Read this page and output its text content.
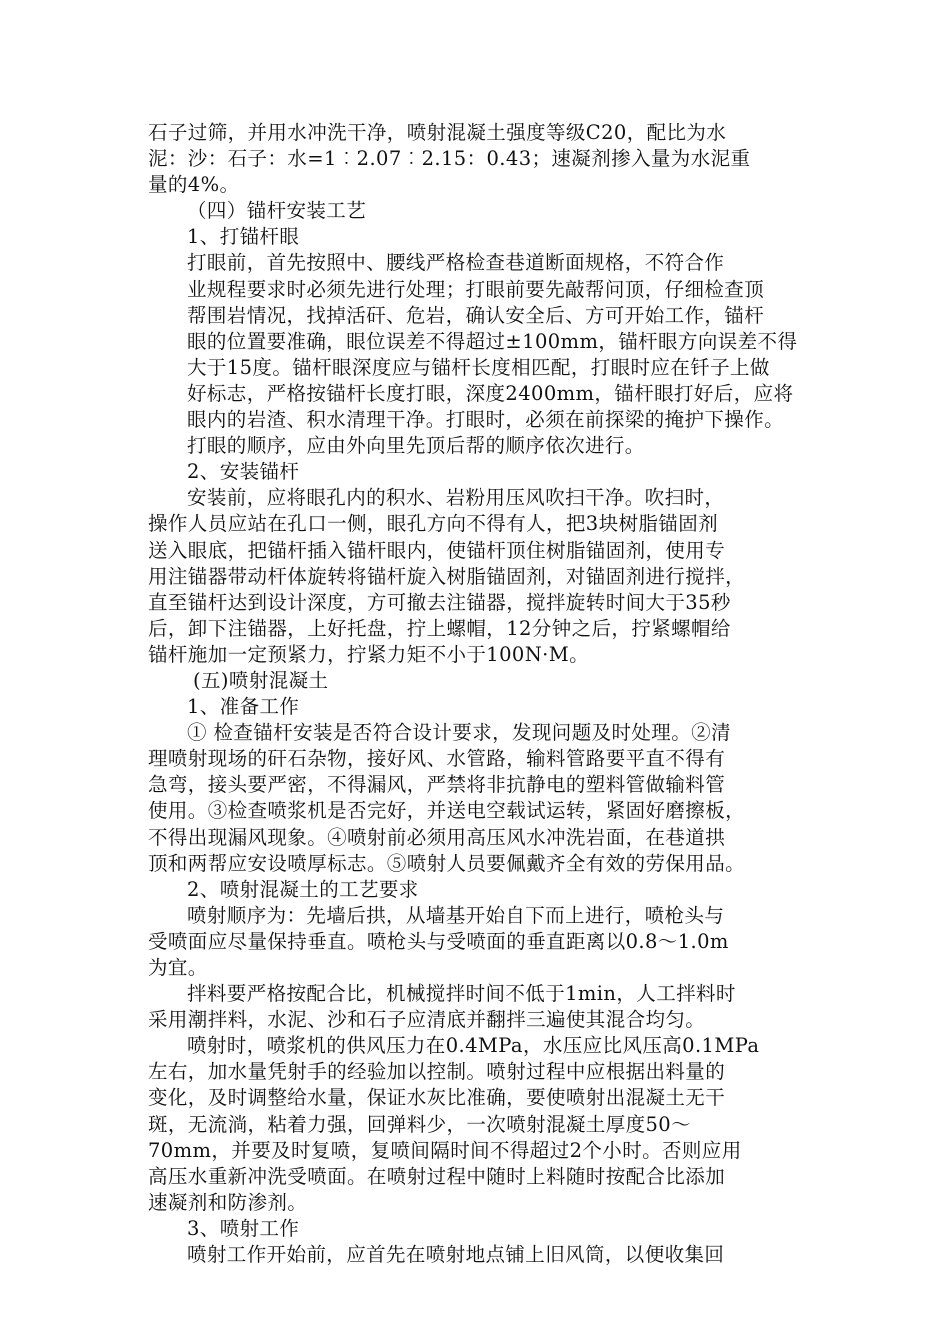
石子过筛，并用水冲洗干净，喷射混凝土强度等级C20，配比为水
泥：沙：石子：水=1︰2.07︰2.15：0.43；速凝剂掺入量为水泥重
量的4%。

（四）锚杆安装工艺

1、打锚杆眼

打眼前，首先按照中、腰线严格检查巷道断面规格，不符合作
业规程要求时必须先进行处理；打眼前要先敲帮问顶，仔细检查顶
帮围岩情况，找掉活矸、危岩，确认安全后、方可开始工作，锚杆
眼的位置要准确，眼位误差不得超过±100mm，锚杆眼方向误差不得
大于15度。锚杆眼深度应与锚杆长度相匹配，打眼时应在钎子上做
好标志，严格按锚杆长度打眼，深度2400mm，锚杆眼打好后，应将
眼内的岩渣、积水清理干净。打眼时，必须在前探梁的掩护下操作。
打眼的顺序，应由外向里先顶后帮的顺序依次进行。

2、安装锚杆

安装前，应将眼孔内的积水、岩粉用压风吹扫干净。吹扫时，
操作人员应站在孔口一侧，眼孔方向不得有人，把3块树脂锚固剂
送入眼底，把锚杆插入锚杆眼内，使锚杆顶住树脂锚固剂，使用专
用注锚器带动杆体旋转将锚杆旋入树脂锚固剂，对锚固剂进行搅拌，
直至锚杆达到设计深度，方可撤去注锚器，搅拌旋转时间大于35秒
后，卸下注锚器，上好托盘，拧上螺帽，12分钟之后，拧紧螺帽给
锚杆施加一定预紧力，拧紧力矩不小于100N·M。

(五)喷射混凝土

1、准备工作

① 检查锚杆安装是否符合设计要求，发现问题及时处理。②清
理喷射现场的矸石杂物，接好风、水管路，输料管路要平直不得有
急弯，接头要严密，不得漏风，严禁将非抗静电的塑料管做输料管
使用。③检查喷浆机是否完好，并送电空载试运转，紧固好磨擦板，
不得出现漏风现象。④喷射前必须用高压风水冲洗岩面，在巷道拱
顶和两帮应安设喷厚标志。⑤喷射人员要佩戴齐全有效的劳保用品。

2、喷射混凝土的工艺要求

喷射顺序为：先墙后拱，从墙基开始自下而上进行，喷枪头与
受喷面应尽量保持垂直。喷枪头与受喷面的垂直距离以0.8～1.0m
为宜。

拌料要严格按配合比，机械搅拌时间不低于1min，人工拌料时
采用潮拌料，水泥、沙和石子应清底并翻拌三遍使其混合均匀。

喷射时，喷浆机的供风压力在0.4MPa，水压应比风压高0.1MPa
左右，加水量凭射手的经验加以控制。喷射过程中应根据出料量的
变化，及时调整给水量，保证水灰比准确，要使喷射出混凝土无干
斑，无流淌，粘着力强，回弹料少，一次喷射混凝土厚度50～
70mm，并要及时复喷，复喷间隔时间不得超过2个小时。否则应用
高压水重新冲洗受喷面。在喷射过程中随时上料随时按配合比添加
速凝剂和防渗剂。

3、喷射工作

喷射工作开始前，应首先在喷射地点铺上旧风筒，以便收集回
